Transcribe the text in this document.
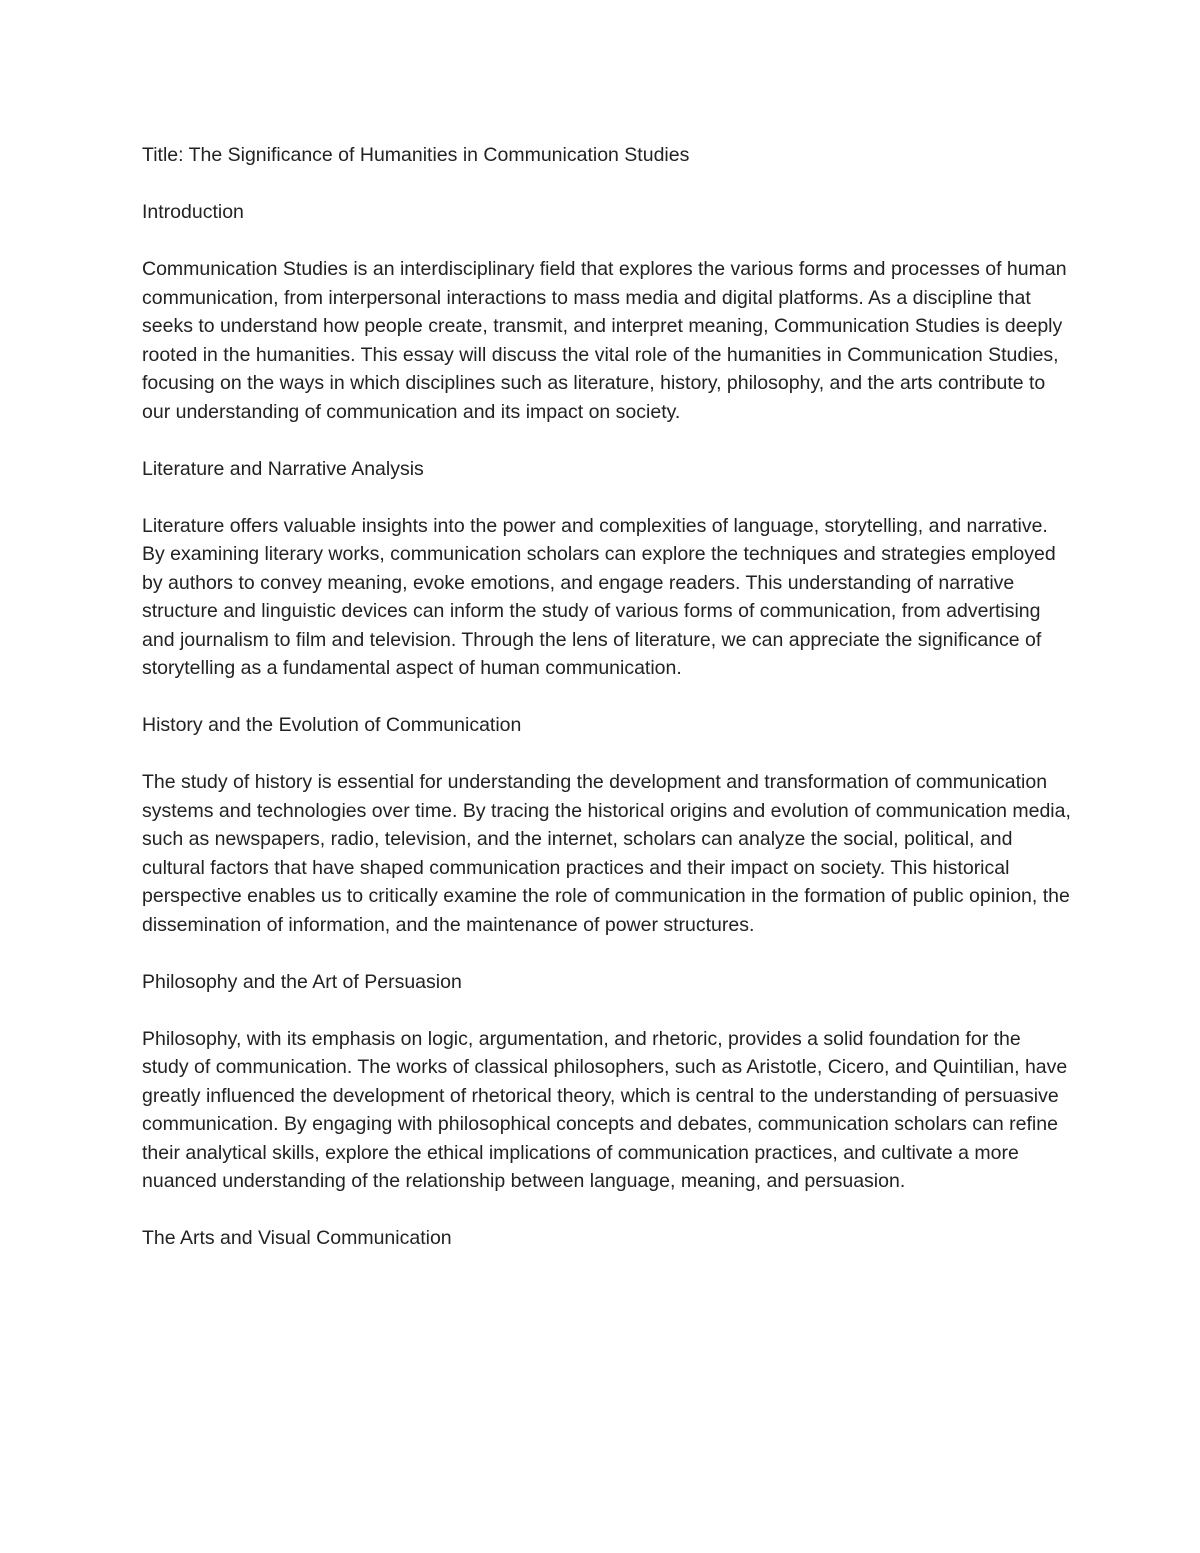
Title: The Significance of Humanities in Communication Studies

Introduction

Communication Studies is an interdisciplinary field that explores the various forms and processes of human communication, from interpersonal interactions to mass media and digital platforms. As a discipline that seeks to understand how people create, transmit, and interpret meaning, Communication Studies is deeply rooted in the humanities. This essay will discuss the vital role of the humanities in Communication Studies, focusing on the ways in which disciplines such as literature, history, philosophy, and the arts contribute to our understanding of communication and its impact on society.

Literature and Narrative Analysis

Literature offers valuable insights into the power and complexities of language, storytelling, and narrative. By examining literary works, communication scholars can explore the techniques and strategies employed by authors to convey meaning, evoke emotions, and engage readers. This understanding of narrative structure and linguistic devices can inform the study of various forms of communication, from advertising and journalism to film and television. Through the lens of literature, we can appreciate the significance of storytelling as a fundamental aspect of human communication.

History and the Evolution of Communication

The study of history is essential for understanding the development and transformation of communication systems and technologies over time. By tracing the historical origins and evolution of communication media, such as newspapers, radio, television, and the internet, scholars can analyze the social, political, and cultural factors that have shaped communication practices and their impact on society. This historical perspective enables us to critically examine the role of communication in the formation of public opinion, the dissemination of information, and the maintenance of power structures.

Philosophy and the Art of Persuasion

Philosophy, with its emphasis on logic, argumentation, and rhetoric, provides a solid foundation for the study of communication. The works of classical philosophers, such as Aristotle, Cicero, and Quintilian, have greatly influenced the development of rhetorical theory, which is central to the understanding of persuasive communication. By engaging with philosophical concepts and debates, communication scholars can refine their analytical skills, explore the ethical implications of communication practices, and cultivate a more nuanced understanding of the relationship between language, meaning, and persuasion.

The Arts and Visual Communication
